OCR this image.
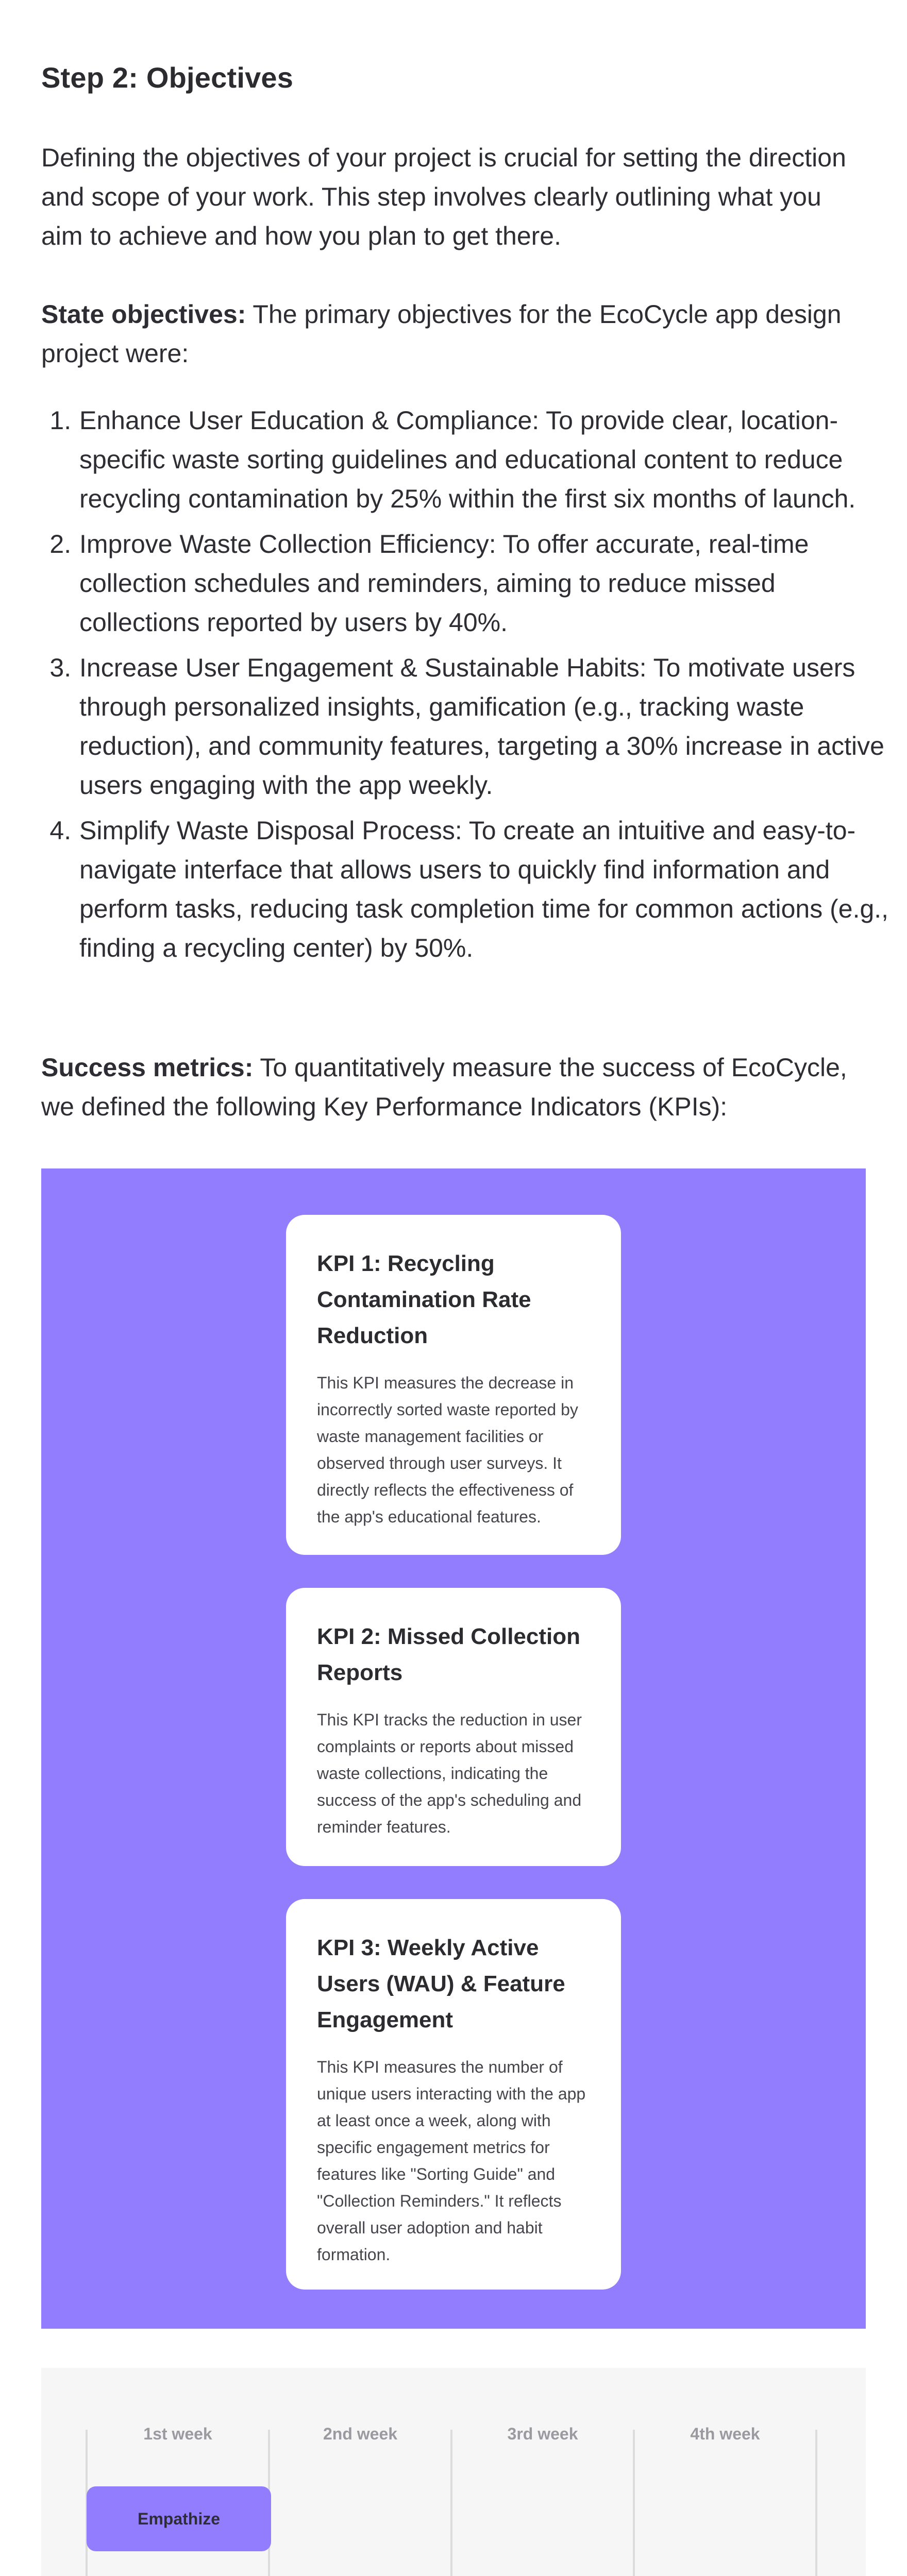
Step 2: Objectives

Defining the objectives of your project is crucial for setting the direction and scope of your work. This step involves clearly outlining what you aim to achieve and how you plan to get there.

State objectives: The primary objectives for the EcoCycle app design project were:

1. Enhance User Education & Compliance: To provide clear, location-specific waste sorting guidelines and educational content to reduce recycling contamination by 25% within the first six months of launch.
2. Improve Waste Collection Efficiency: To offer accurate, real-time collection schedules and reminders, aiming to reduce missed collections reported by users by 40%.
3. Increase User Engagement & Sustainable Habits: To motivate users through personalized insights, gamification (e.g., tracking waste reduction), and community features, targeting a 30% increase in active users engaging with the app weekly.
4. Simplify Waste Disposal Process: To create an intuitive and easy-to-navigate interface that allows users to quickly find information and perform tasks, reducing task completion time for common actions (e.g., finding a recycling center) by 50%.

Success metrics: To quantitatively measure the success of EcoCycle, we defined the following Key Performance Indicators (KPIs):

KPI 1: Recycling Contamination Rate Reduction

This KPI measures the decrease in incorrectly sorted waste reported by waste management facilities or observed through user surveys. It directly reflects the effectiveness of the app's educational features.

KPI 2: Missed Collection Reports

This KPI tracks the reduction in user complaints or reports about missed waste collections, indicating the success of the app's scheduling and reminder features.

KPI 3: Weekly Active Users (WAU) & Feature Engagement

This KPI measures the number of unique users interacting with the app at least once a week, along with specific engagement metrics for features like "Sorting Guide" and "Collection Reminders." It reflects overall user adoption and habit formation.

1st week	2nd week	3rd week	4th week
Empathize
